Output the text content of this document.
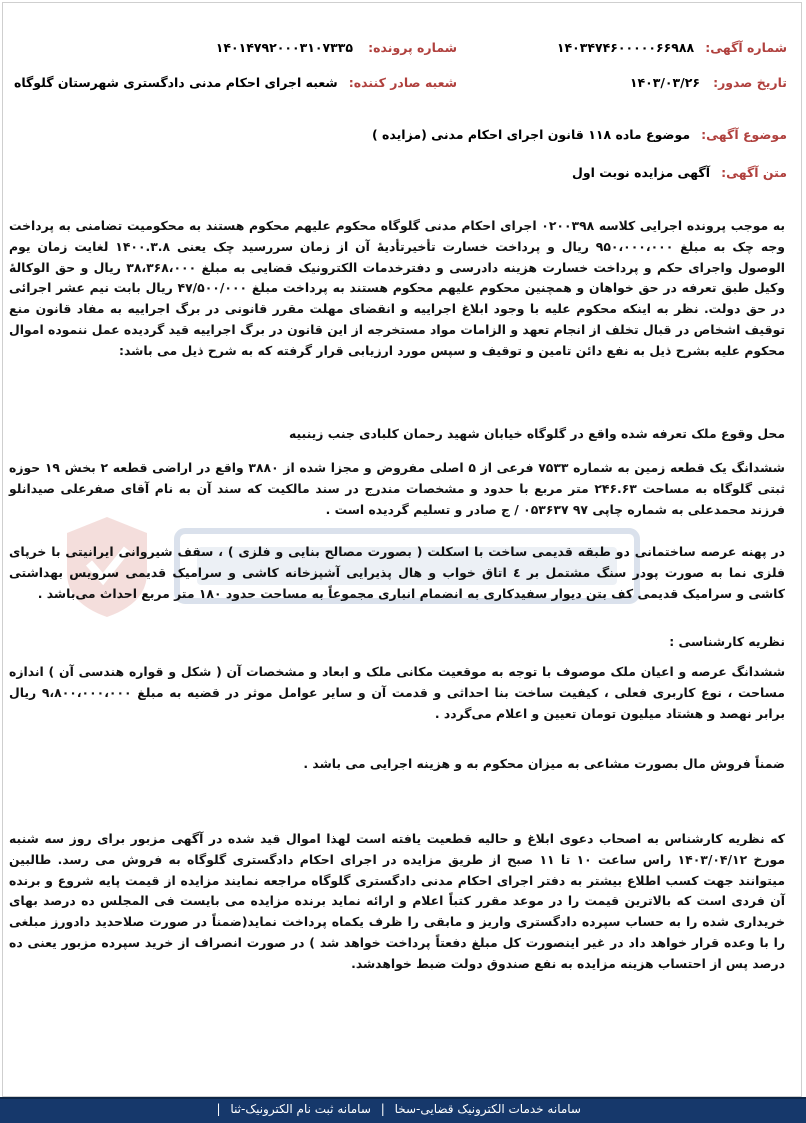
شماره آگهی: ۱۴۰۳۴۷۴۶۰۰۰۰۰۶۶۹۸۸
شماره پرونده: ۱۴۰۱۴۷۹۲۰۰۰۳۱۰۷۳۳۵
تاریخ صدور: ۱۴۰۳/۰۳/۲۶
شعبه صادر کننده: شعبه اجرای احکام مدنی دادگستری شهرستان گلوگاه
موضوع آگهی: موضوع ماده ۱۱۸ قانون اجرای احکام مدنی (مزایده )
متن آگهی: آگهی مزایده نوبت اول

به موجب پرونده اجرایی کلاسه ۰۲۰۰۳۹۸ اجرای احکام مدنی گلوگاه محکوم علیهم محکوم هستند به محکومیت تضامنی به پرداخت وجه چک به مبلغ ۹۵۰،۰۰۰،۰۰۰ ریال و پرداخت خسارت تأخیرتأدیهٔ آن از زمان سررسید چک یعنی ۱۴۰۰.۳.۸ لغایت زمان یوم الوصول واجرای حکم و پرداخت خسارت هزینه دادرسی و دفترخدمات الکترونیک قضایی به مبلغ ۳۸،۳۶۸،۰۰۰ ریال و حق الوکالهٔ وکیل طبق تعرفه در حق خواهان و همچنین محکوم علیهم محکوم هستند به پرداخت مبلغ ۴۷/۵۰۰/۰۰۰ ریال بابت نیم عشر اجرائی در حق دولت. نظر به اینکه محکوم علیه با وجود ابلاغ اجراییه و انقضای مهلت مقرر قانونی در برگ اجراییه به مفاد قانون منع توقیف اشخاص در قبال تخلف از انجام تعهد و الزامات مواد مستخرجه از این قانون در برگ اجراییه قید گردیده عمل ننموده اموال محکوم علیه بشرح ذیل به نفع دائن تامین و توقیف و سپس مورد ارزیابی قرار گرفته که به شرح ذیل می باشد:

محل وقوع ملک تعرفه شده واقع در گلوگاه خیابان شهید رحمان کلبادی جنب زینبیه

ششدانگ یک قطعه زمین به شماره ۷۵۳۳ فرعی از ۵ اصلی مفروض و مجزا شده از ۳۸۸۰ واقع در اراضی قطعه ۲ بخش ۱۹ حوزه ثبتی گلوگاه به مساحت ۲۴۶.۶۳ متر مربع با حدود و مشخصات مندرج در سند مالکیت که سند آن به نام آقای صفرعلی صیدانلو فرزند محمدعلی به شماره چاپی ۹۷ ۰۵۳۶۳۷ / ج صادر و تسلیم گردیده است .

در پهنه عرصه ساختمانی دو طبقه قدیمی ساخت با اسکلت ( بصورت مصالح بنایی و فلزی ) ، سقف شیروانی ایرانیتی با خرپای فلزی نما به صورت پودر سنگ مشتمل بر ٤ اتاق خواب و هال پذیرایی آشپزخانه کاشی و سرامیک قدیمی سرویس بهداشتی کاشی و سرامیک قدیمی کف بتن دیوار سفیدکاری به انضمام انباری مجموعاً به مساحت حدود ۱۸۰ متر مربع احداث می‌باشد .

نظریه کارشناسی :

ششدانگ عرصه و اعیان ملک موصوف با توجه به موقعیت مکانی ملک و ابعاد و مشخصات آن ( شکل و قواره هندسی آن ) اندازه مساحت ، نوع کاربری فعلی ، کیفیت ساخت بنا احداثی و قدمت آن و سایر عوامل موثر در قضیه به مبلغ ۹،۸۰۰،۰۰۰،۰۰۰ ریال برابر نهصد و هشتاد میلیون تومان تعیین و اعلام می‌گردد .

ضمناً فروش مال بصورت مشاعی به میزان محکوم به و هزینه اجرایی می باشد .

که نظریه کارشناس به اصحاب دعوی ابلاغ و حالیه قطعیت یافته است لهذا اموال قید شده در آگهی مزبور برای روز سه شنبه مورخ ۱۴۰۳/۰۴/۱۲ راس ساعت ۱۰ تا ۱۱ صبح از طریق مزایده در اجرای احکام دادگستری گلوگاه به فروش می رسد. طالبین میتوانند جهت کسب اطلاع بیشتر به دفتر اجرای احکام مدنی دادگستری گلوگاه مراجعه نمایند مزایده از قیمت پایه شروع و برنده آن فردی است که بالاترین قیمت را در موعد مقرر کتباً اعلام و ارائه نماید برنده مزایده می بایست فی المجلس ده درصد بهای خریداری شده را به حساب سپرده دادگستری واریز و مابقی را ظرف یکماه پرداخت نماید(ضمناً در صورت صلاحدید دادورز مبلغی را با وعده قرار خواهد داد در غیر اینصورت کل مبلغ دفعتاً پرداخت خواهد شد ) در صورت انصراف از خرید سپرده مزبور یعنی ده درصد پس از احتساب هزینه مزایده به نفع صندوق دولت ضبط خواهدشد.

سامانه خدمات الکترونیک قضایی-سخا | سامانه ثبت نام الکترونیک-ثنا |
